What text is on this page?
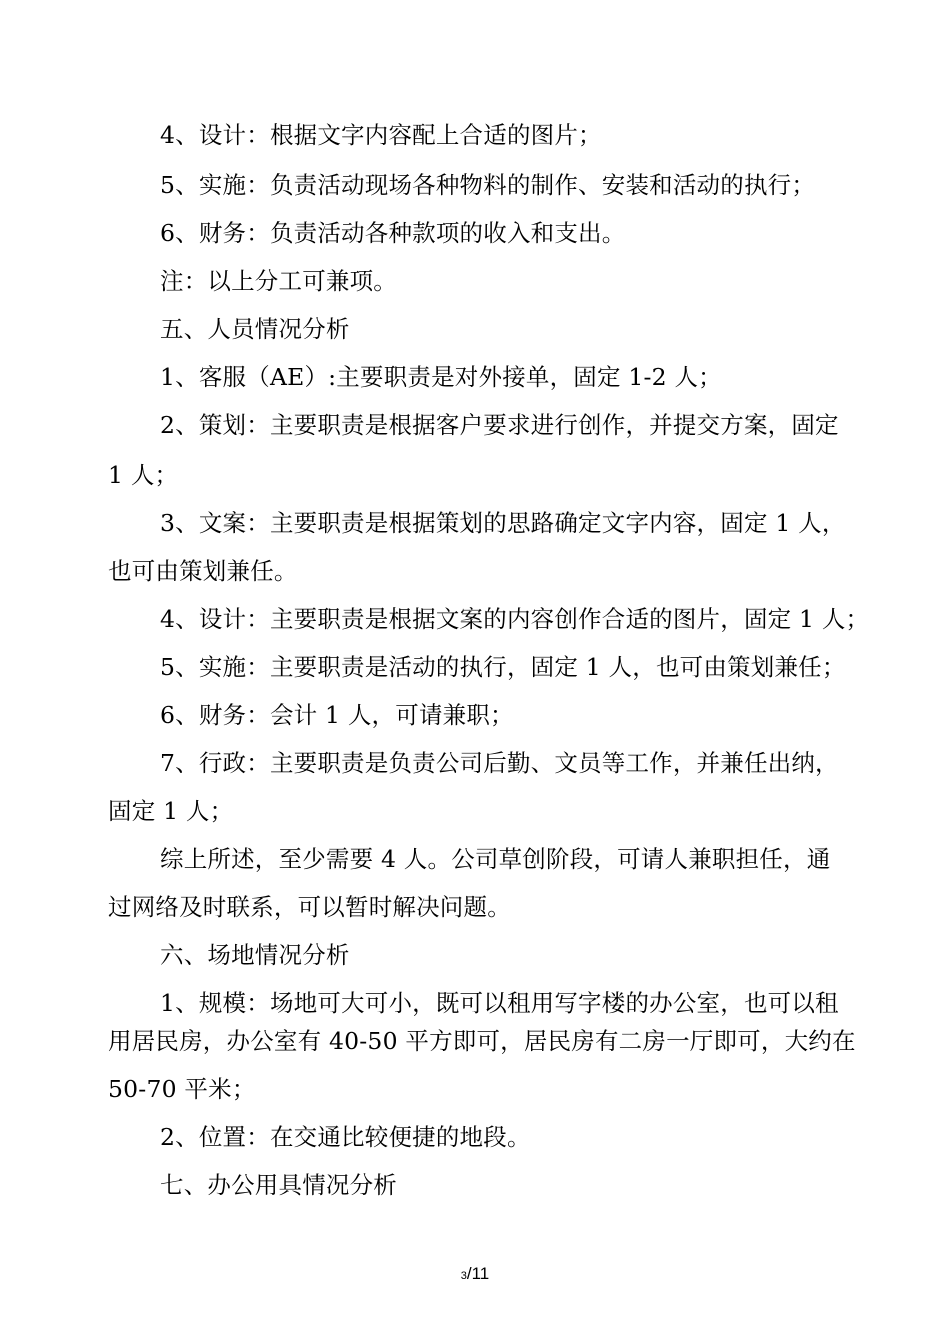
4、设计：根据文字内容配上合适的图片；
5、实施：负责活动现场各种物料的制作、安装和活动的执行；
6、财务：负责活动各种款项的收入和支出。
注：以上分工可兼项。
五、人员情况分析
1、客服（AE）:主要职责是对外接单，固定 1-2 人；
2、策划：主要职责是根据客户要求进行创作，并提交方案，固定
1 人；
3、文案：主要职责是根据策划的思路确定文字内容，固定 1 人，
也可由策划兼任。
4、设计：主要职责是根据文案的内容创作合适的图片，固定 1 人；
5、实施：主要职责是活动的执行，固定 1 人，也可由策划兼任；
6、财务：会计 1 人，可请兼职；
7、行政：主要职责是负责公司后勤、文员等工作，并兼任出纳，
固定 1 人；
综上所述，至少需要 4 人。公司草创阶段，可请人兼职担任，通
过网络及时联系，可以暂时解决问题。
六、场地情况分析
1、规模：场地可大可小，既可以租用写字楼的办公室，也可以租
用居民房，办公室有 40-50 平方即可，居民房有二房一厅即可，大约在
50-70 平米；
2、位置：在交通比较便捷的地段。
七、办公用具情况分析
3/11
